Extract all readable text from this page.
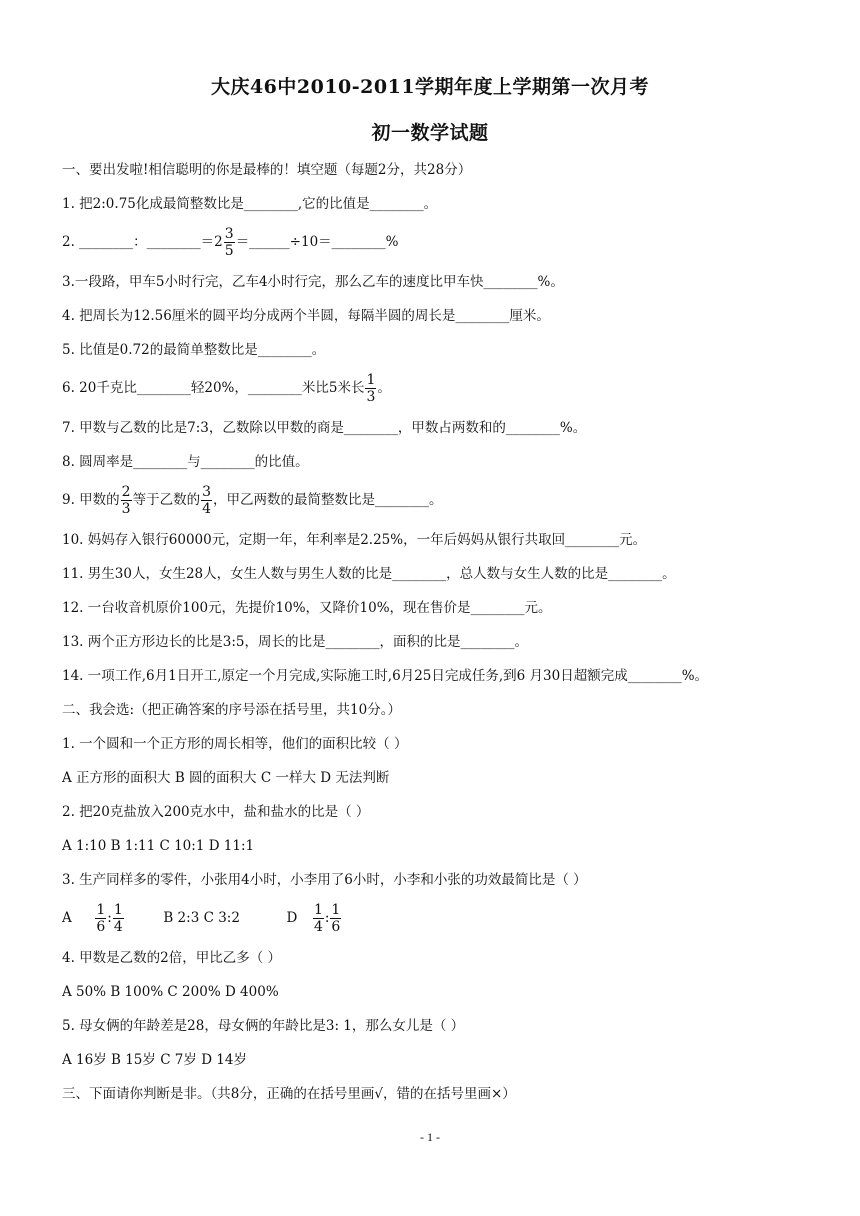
大庆46中2010-2011学期年度上学期第一次月考
初一数学试题
一、要出发啦!相信聪明的你是最棒的！填空题（每题2分，共28分）
1. 把2:0.75化成最简整数比是________,它的比值是________。
2. ________：________＝2 $\frac{3}{5}$ ＝______÷10＝________%
3.一段路，甲车5小时行完，乙车4小时行完，那么乙车的速度比甲车快________%。
4. 把周长为12.56厘米的圆平均分成两个半圆，每隔半圆的周长是________厘米。
5. 比值是0.72的最简单整数比是________。
6. 20千克比________轻20%，________米比5米长 $\frac{1}{3}$ 。
7. 甲数与乙数的比是7:3，乙数除以甲数的商是________，甲数占两数和的________%。
8. 圆周率是________与________的比值。
9. 甲数的 $\frac{2}{3}$ 等于乙数的 $\frac{3}{4}$ ，甲乙两数的最简整数比是________。
10. 妈妈存入银行60000元，定期一年，年利率是2.25%，一年后妈妈从银行共取回________元。
11. 男生30人，女生28人，女生人数与男生人数的比是________，总人数与女生人数的比是________。
12. 一台收音机原价100元，先提价10%，又降价10%，现在售价是________元。
13. 两个正方形边长的比是3:5，周长的比是________，面积的比是________。
14. 一项工作,6月1日开工,原定一个月完成,实际施工时,6月25日完成任务,到6 月30日超额完成________%。
二、我会选:（把正确答案的序号添在括号里，共10分。）
1. 一个圆和一个正方形的周长相等，他们的面积比较（ ）
A 正方形的面积大 B 圆的面积大 C 一样大 D 无法判断
2. 把20克盐放入200克水中，盐和盐水的比是（ ）
A 1:10 B 1:11 C 10:1 D 11:1
3. 生产同样多的零件，小张用4小时，小李用了6小时，小李和小张的功效最简比是（ ）
A $\frac{1}{6}$ : $\frac{1}{4}$	B 2:3 C 3:2	D $\frac{1}{4}$ : $\frac{1}{6}$
4. 甲数是乙数的2倍，甲比乙多（ ）
A 50% B 100% C 200% D 400%
5. 母女俩的年龄差是28，母女俩的年龄比是3: 1，那么女儿是（ ）
A 16岁 B 15岁 C 7岁 D 14岁
三、下面请你判断是非。（共8分，正确的在括号里画√，错的在括号里画×）
- 1 -
